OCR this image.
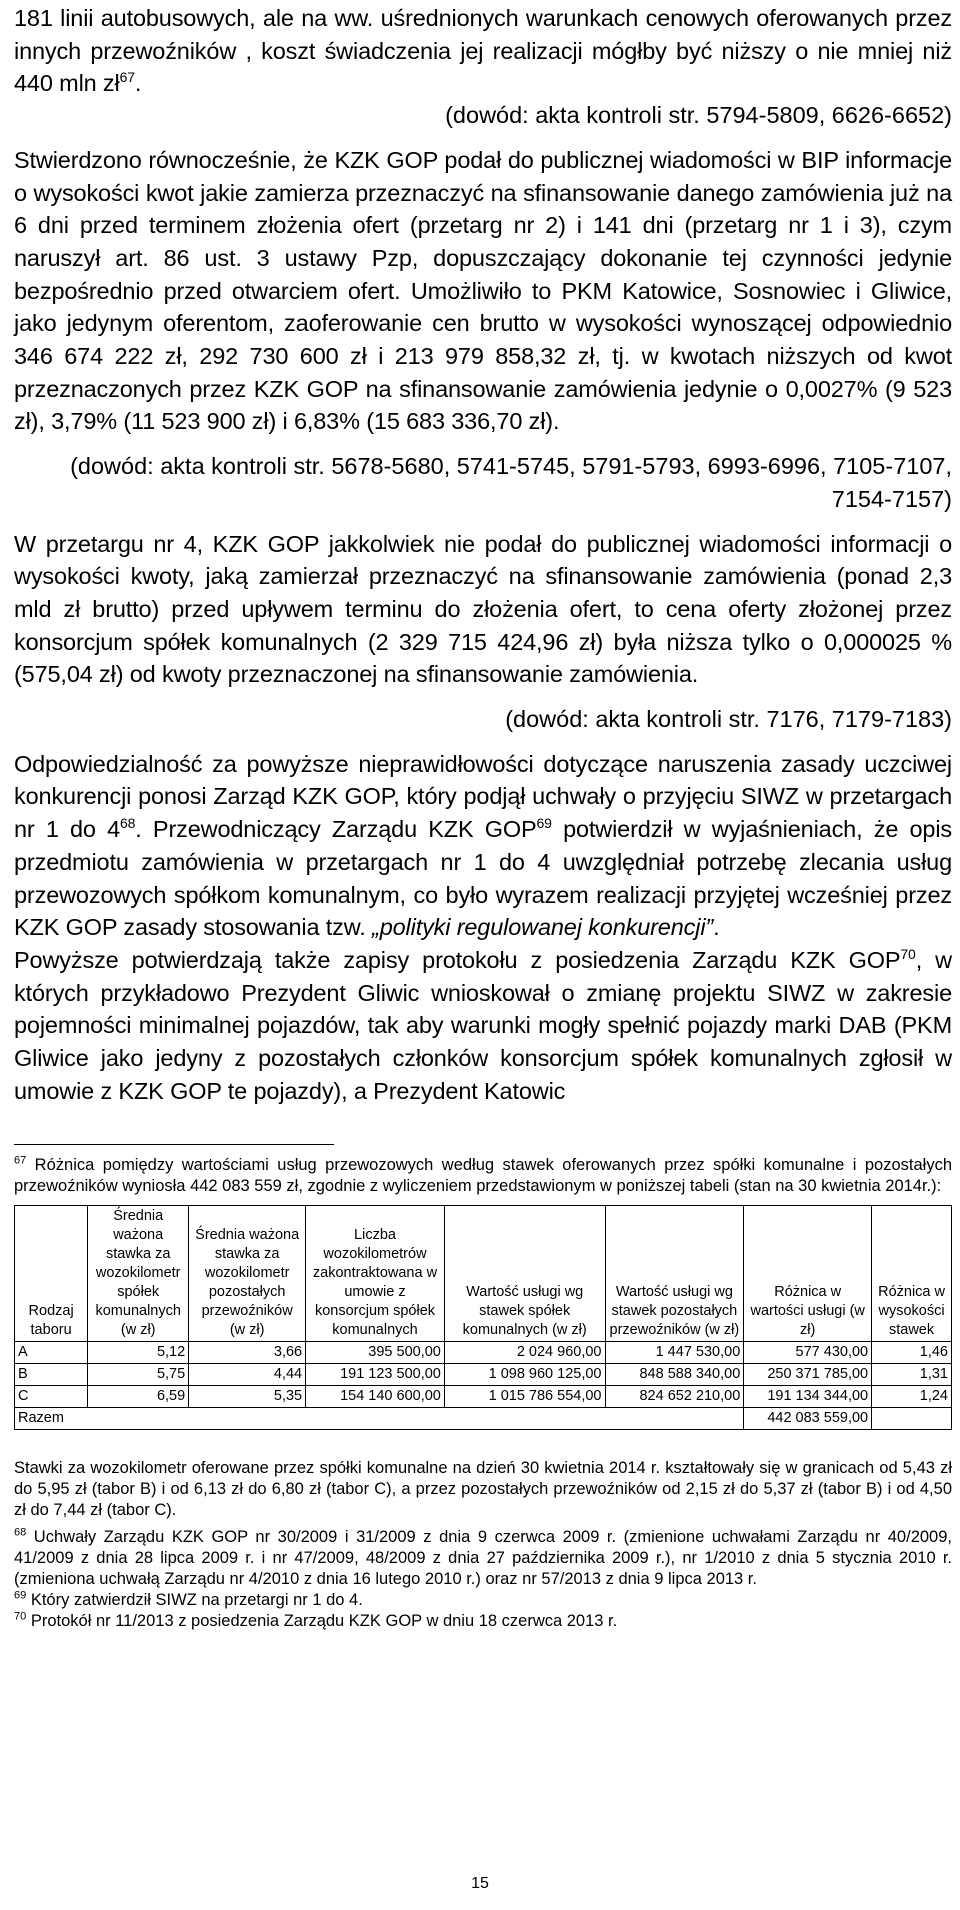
181 linii autobusowych, ale na ww. uśrednionych warunkach cenowych oferowanych przez innych przewoźników , koszt świadczenia jej realizacji mógłby być niższy o nie mniej niż 440 mln $zł^{67}$.

(dowód: akta kontroli str. 5794-5809, 6626-6652)

Stwierdzono równocześnie, że KZK GOP podał do publicznej wiadomości w BIP informacje o wysokości kwot jakie zamierza przeznaczyć na sfinansowanie danego zamówienia już na 6 dni przed terminem złożenia ofert (przetarg nr 2) i 141 dni (przetarg nr 1 i 3), czym naruszył art. 86 ust. 3 ustawy Pzp, dopuszczający dokonanie tej czynności jedynie bezpośrednio przed otwarciem ofert. Umożliwiło to PKM Katowice, Sosnowiec i Gliwice, jako jedynym oferentom, zaoferowanie cen brutto w wysokości wynoszącej odpowiednio 346 674 222 zł, 292 730 600 zł i 213 979 858,32 zł, tj. w kwotach niższych od kwot przeznaczonych przez KZK GOP na sfinansowanie zamówienia jedynie o 0,0027% (9 523 zł), 3,79% (11 523 900 zł) i 6,83% (15 683 336,70 zł).

(dowód: akta kontroli str. 5678-5680, 5741-5745, 5791-5793, 6993-6996, 7105-7107, 7154-7157)

W przetargu nr 4, KZK GOP jakkolwiek nie podał do publicznej wiadomości informacji o wysokości kwoty, jaką zamierzał przeznaczyć na sfinansowanie zamówienia (ponad 2,3 mld zł brutto) przed upływem terminu do złożenia ofert, to cena oferty złożonej przez konsorcjum spółek komunalnych (2 329 715 424,96 zł) była niższa tylko o 0,000025 % (575,04 zł) od kwoty przeznaczonej na sfinansowanie zamówienia.

(dowód: akta kontroli str. 7176, 7179-7183)

Odpowiedzialność za powyższe nieprawidłowości dotyczące naruszenia zasady uczciwej konkurencji ponosi Zarząd KZK GOP, który podjął uchwały o przyjęciu SIWZ w przetargach nr 1 do $4^{68}$. Przewodniczący Zarządu KZK GOP$^{69}$ potwierdził w wyjaśnieniach, że opis przedmiotu zamówienia w przetargach nr 1 do 4 uwzględniał potrzebę zlecania usług przewozowych spółkom komunalnym, co było wyrazem realizacji przyjętej wcześniej przez KZK GOP zasady stosowania tzw. „polityki regulowanej konkurencji”.

Powyższe potwierdzają także zapisy protokołu z posiedzenia Zarządu KZK GOP$^{70}$, w których przykładowo Prezydent Gliwic wnioskował o zmianę projektu SIWZ w zakresie pojemności minimalnej pojazdów, tak aby warunki mogły spełnić pojazdy marki DAB (PKM Gliwice jako jedyny z pozostałych członków konsorcjum spółek komunalnych zgłosił w umowie z KZK GOP te pojazdy), a Prezydent Katowic

$^{67}$ Różnica pomiędzy wartościami usług przewozowych według stawek oferowanych przez spółki komunalne i pozostałych przewoźników wyniosła 442 083 559 zł, zgodnie z wyliczeniem przedstawionym w poniższej tabeli (stan na 30 kwietnia 2014r.):

Rodzaj taboru	Średnia ważona stawka za wozokilometr spółek komunalnych (w zł)	Średnia ważona stawka za wozokilometr pozostałych przewoźników (w zł)	Liczba wozokilometrów zakontraktowana w umowie z konsorcjum spółek komunalnych	Wartość usługi wg stawek spółek komunalnych (w zł)	Wartość usługi wg stawek pozostałych przewoźników (w zł)	Różnica w wartości usługi (w zł)	Różnica w wysokości stawek
A	5,12	3,66	395 500,00	2 024 960,00	1 447 530,00	577 430,00	1,46
B	5,75	4,44	191 123 500,00	1 098 960 125,00	848 588 340,00	250 371 785,00	1,31
C	6,59	5,35	154 140 600,00	1 015 786 554,00	824 652 210,00	191 134 344,00	1,24
Razem						442 083 559,00	

Stawki za wozokilometr oferowane przez spółki komunalne na dzień 30 kwietnia 2014 r. kształtowały się w granicach od 5,43 zł do 5,95 zł (tabor B) i od 6,13 zł do 6,80 zł (tabor C), a przez pozostałych przewoźników od 2,15 zł do 5,37 zł (tabor B) i od 4,50 zł do 7,44 zł (tabor C).

$^{68}$ Uchwały Zarządu KZK GOP nr 30/2009 i 31/2009 z dnia 9 czerwca 2009 r. (zmienione uchwałami Zarządu nr 40/2009, 41/2009 z dnia 28 lipca 2009 r. i nr 47/2009, 48/2009 z dnia 27 października 2009 r.), nr 1/2010 z dnia 5 stycznia 2010 r. (zmieniona uchwałą Zarządu nr 4/2010 z dnia 16 lutego 2010 r.) oraz nr 57/2013 z dnia 9 lipca 2013 r.

$^{69}$ Który zatwierdził SIWZ na przetargi nr 1 do 4.

$^{70}$ Protokół nr 11/2013 z posiedzenia Zarządu KZK GOP w dniu 18 czerwca 2013 r.

15
